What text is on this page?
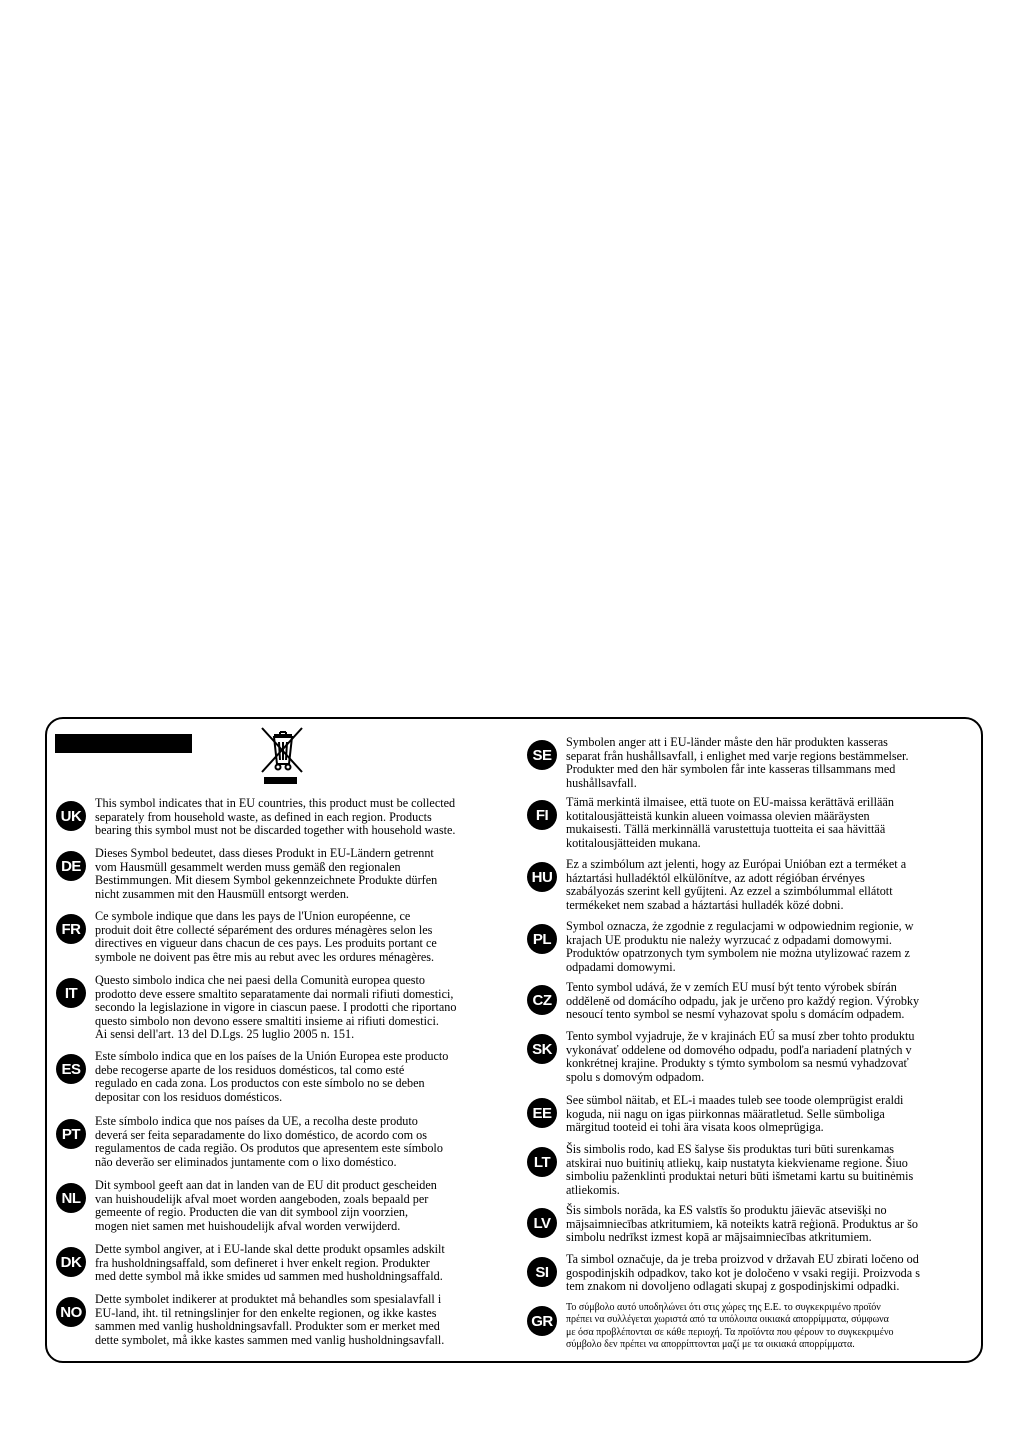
UK
This symbol indicates that in EU countries, this product must be collected
separately from household waste, as defined in each region. Products
bearing this symbol must not be discarded together with household waste.
DE
Dieses Symbol bedeutet, dass dieses Produkt in EU-Ländern getrennt
vom Hausmüll gesammelt werden muss gemäß den regionalen
Bestimmungen. Mit diesem Symbol gekennzeichnete Produkte dürfen
nicht zusammen mit den Hausmüll entsorgt werden.
FR
Ce symbole indique que dans les pays de l'Union européenne, ce
produit doit être collecté séparément des ordures ménagères selon les
directives en vigueur dans chacun de ces pays. Les produits portant ce
symbole ne doivent pas être mis au rebut avec les ordures ménagères.
IT
Questo simbolo indica che nei paesi della Comunità europea questo
prodotto deve essere smaltito separatamente dai normali rifiuti domestici,
secondo la legislazione in vigore in ciascun paese. I prodotti che riportano
questo simbolo non devono essere smaltiti insieme ai rifiuti domestici.
Ai sensi dell'art. 13 del D.Lgs. 25 luglio 2005 n. 151.
ES
Este símbolo indica que en los países de la Unión Europea este producto
debe recogerse aparte de los residuos domésticos, tal como esté
regulado en cada zona. Los productos con este símbolo no se deben
depositar con los residuos domésticos.
PT
Este símbolo indica que nos países da UE, a recolha deste produto
deverá ser feita separadamente do lixo doméstico, de acordo com os
regulamentos de cada região. Os produtos que apresentem este símbolo
não deverão ser eliminados juntamente com o lixo doméstico.
NL
Dit symbool geeft aan dat in landen van de EU dit product gescheiden
van huishoudelijk afval moet worden aangeboden, zoals bepaald per
gemeente of regio. Producten die van dit symbool zijn voorzien,
mogen niet samen met huishoudelijk afval worden verwijderd.
DK
Dette symbol angiver, at i EU-lande skal dette produkt opsamles adskilt
fra husholdningsaffald, som defineret i hver enkelt region. Produkter
med dette symbol må ikke smides ud sammen med husholdningsaffald.
NO
Dette symbolet indikerer at produktet må behandles som spesialavfall i
EU-land, iht. til retningslinjer for den enkelte regionen, og ikke kastes
sammen med vanlig husholdningsavfall. Produkter som er merket med
dette symbolet, må ikke kastes sammen med vanlig husholdningsavfall.
SE
Symbolen anger att i EU-länder måste den här produkten kasseras
separat från hushållsavfall, i enlighet med varje regions bestämmelser.
Produkter med den här symbolen får inte kasseras tillsammans med
hushållsavfall.
FI
Tämä merkintä ilmaisee, että tuote on EU-maissa kerättävä erillään
kotitalousjätteistä kunkin alueen voimassa olevien määräysten
mukaisesti. Tällä merkinnällä varustettuja tuotteita ei saa hävittää
kotitalousjätteiden mukana.
HU
Ez a szimbólum azt jelenti, hogy az Európai Unióban ezt a terméket a
háztartási hulladéktól elkülönítve, az adott régióban érvényes
szabályozás szerint kell gyűjteni. Az ezzel a szimbólummal ellátott
termékeket nem szabad a háztartási hulladék közé dobni.
PL
Symbol oznacza, że zgodnie z regulacjami w odpowiednim regionie, w
krajach UE produktu nie należy wyrzucać z odpadami domowymi.
Produktów opatrzonych tym symbolem nie można utylizować razem z
odpadami domowymi.
CZ
Tento symbol udává, že v zemích EU musí být tento výrobek sbírán
odděleně od domácího odpadu, jak je určeno pro každý region. Výrobky
nesoucí tento symbol se nesmí vyhazovat spolu s domácím odpadem.
SK
Tento symbol vyjadruje, že v krajinách EÚ sa musí zber tohto produktu
vykonávať oddelene od domového odpadu, podľa nariadení platných v
konkrétnej krajine. Produkty s týmto symbolom sa nesmú vyhadzovať
spolu s domovým odpadom.
EE
See sümbol näitab, et EL-i maades tuleb see toode olemprügist eraldi
koguda, nii nagu on igas piirkonnas määratletud. Selle sümboliga
märgitud tooteid ei tohi ära visata koos olmeprügiga.
LT
Šis simbolis rodo, kad ES šalyse šis produktas turi būti surenkamas
atskirai nuo buitinių atliekų, kaip nustatyta kiekviename regione. Šiuo
simboliu paženklinti produktai neturi būti išmetami kartu su buitinėmis
atliekomis.
LV
Šis simbols norāda, ka ES valstīs šo produktu jāievāc atsevišķi no
mājsaimniecības atkritumiem, kā noteikts katrā reģionā. Produktus ar šo
simbolu nedrīkst izmest kopā ar mājsaimniecības atkritumiem.
SI
Ta simbol označuje, da je treba proizvod v državah EU zbirati ločeno od
gospodinjskih odpadkov, tako kot je določeno v vsaki regiji. Proizvoda s
tem znakom ni dovoljeno odlagati skupaj z gospodinjskimi odpadki.
GR
Το σύμβολο αυτό υποδηλώνει ότι στις χώρες της Ε.Ε. το συγκεκριμένο προϊόν
πρέπει να συλλέγεται χωριστά από τα υπόλοιπα οικιακά απορρίμματα, σύμφωνα
με όσα προβλέπονται σε κάθε περιοχή. Τα προϊόντα που φέρουν το συγκεκριμένο
σύμβολο δεν πρέπει να απορρίπτονται μαζί με τα οικιακά απορρίμματα.
